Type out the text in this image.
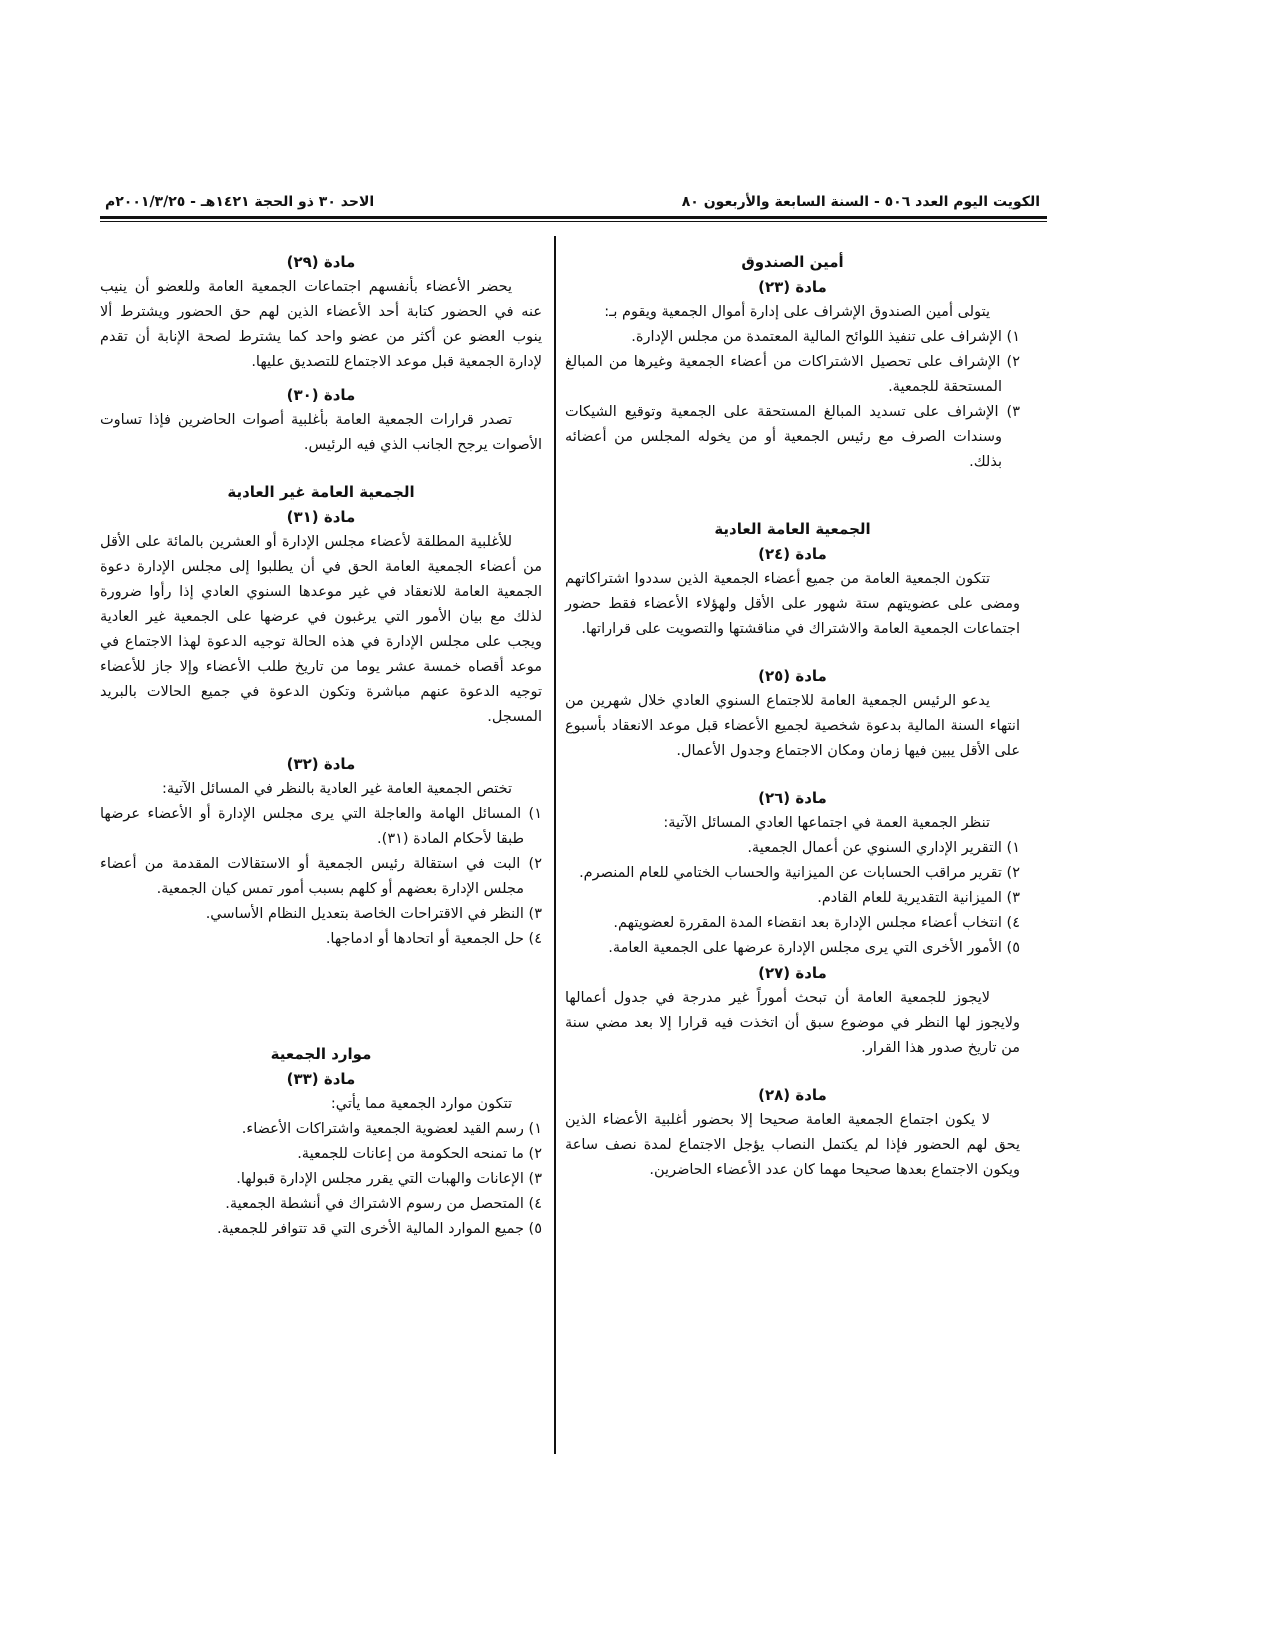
الكويت اليوم العدد ٥٠٦ - السنة السابعة والأربعون ٨٠
الاحد ٣٠ ذو الحجة ١٤٢١هـ - ٢٠٠١/٣/٢٥م

أمين الصندوق

مادة (٢٣)

يتولى أمين الصندوق الإشراف على إدارة أموال الجمعية ويقوم بـ:

١) الإشراف على تنفيذ اللوائح المالية المعتمدة من مجلس الإدارة.

٢) الإشراف على تحصيل الاشتراكات من أعضاء الجمعية وغيرها من المبالغ المستحقة للجمعية.

٣) الإشراف على تسديد المبالغ المستحقة على الجمعية وتوقيع الشيكات وسندات الصرف مع رئيس الجمعية أو من يخوله المجلس من أعضائه بذلك.

الجمعية العامة العادية

مادة (٢٤)

تتكون الجمعية العامة من جميع أعضاء الجمعية الذين سددوا اشتراكاتهم ومضى على عضويتهم ستة شهور على الأقل ولهؤلاء الأعضاء فقط حضور اجتماعات الجمعية العامة والاشتراك في مناقشتها والتصويت على قراراتها.

مادة (٢٥)

يدعو الرئيس الجمعية العامة للاجتماع السنوي العادي خلال شهرين من انتهاء السنة المالية بدعوة شخصية لجميع الأعضاء قبل موعد الانعقاد بأسبوع على الأقل يبين فيها زمان ومكان الاجتماع وجدول الأعمال.

مادة (٢٦)

تنظر الجمعية العمة في اجتماعها العادي المسائل الآتية:

١) التقرير الإداري السنوي عن أعمال الجمعية.

٢) تقرير مراقب الحسابات عن الميزانية والحساب الختامي للعام المنصرم.

٣) الميزانية التقديرية للعام القادم.

٤) انتخاب أعضاء مجلس الإدارة بعد انقضاء المدة المقررة لعضويتهم.

٥) الأمور الأخرى التي يرى مجلس الإدارة عرضها على الجمعية العامة.

مادة (٢٧)

لايجوز للجمعية العامة أن تبحث أموراً غير مدرجة في جدول أعمالها ولايجوز لها النظر في موضوع سبق أن اتخذت فيه قرارا إلا بعد مضي سنة من تاريخ صدور هذا القرار.

مادة (٢٨)

لا يكون اجتماع الجمعية العامة صحيحا إلا بحضور أغلبية الأعضاء الذين يحق لهم الحضور فإذا لم يكتمل النصاب يؤجل الاجتماع لمدة نصف ساعة ويكون الاجتماع بعدها صحيحا مهما كان عدد الأعضاء الحاضرين.

مادة (٢٩)

يحضر الأعضاء بأنفسهم اجتماعات الجمعية العامة وللعضو أن ينيب عنه في الحضور كتابة أحد الأعضاء الذين لهم حق الحضور ويشترط ألا ينوب العضو عن أكثر من عضو واحد كما يشترط لصحة الإنابة أن تقدم لإدارة الجمعية قبل موعد الاجتماع للتصديق عليها.

مادة (٣٠)

تصدر قرارات الجمعية العامة بأغلبية أصوات الحاضرين فإذا تساوت الأصوات يرجح الجانب الذي فيه الرئيس.

الجمعية العامة غير العادية

مادة (٣١)

للأغلبية المطلقة لأعضاء مجلس الإدارة أو العشرين بالمائة على الأقل من أعضاء الجمعية العامة الحق في أن يطلبوا إلى مجلس الإدارة دعوة الجمعية العامة للانعقاد في غير موعدها السنوي العادي إذا رأوا ضرورة لذلك مع بيان الأمور التي يرغبون في عرضها على الجمعية غير العادية ويجب على مجلس الإدارة في هذه الحالة توجيه الدعوة لهذا الاجتماع في موعد أقصاه خمسة عشر يوما من تاريخ طلب الأعضاء وإلا جاز للأعضاء توجيه الدعوة عنهم مباشرة وتكون الدعوة في جميع الحالات بالبريد المسجل.

مادة (٣٢)

تختص الجمعية العامة غير العادية بالنظر في المسائل الآتية:

١) المسائل الهامة والعاجلة التي يرى مجلس الإدارة أو الأعضاء عرضها طبقا لأحكام المادة (٣١).

٢) البت في استقالة رئيس الجمعية أو الاستقالات المقدمة من أعضاء مجلس الإدارة بعضهم أو كلهم بسبب أمور تمس كيان الجمعية.

٣) النظر في الاقتراحات الخاصة بتعديل النظام الأساسي.

٤) حل الجمعية أو اتحادها أو ادماجها.

موارد الجمعية

مادة (٣٣)

تتكون موارد الجمعية مما يأتي:

١) رسم القيد لعضوية الجمعية واشتراكات الأعضاء.

٢) ما تمنحه الحكومة من إعانات للجمعية.

٣) الإعانات والهبات التي يقرر مجلس الإدارة قبولها.

٤) المتحصل من رسوم الاشتراك في أنشطة الجمعية.

٥) جميع الموارد المالية الأخرى التي قد تتوافر للجمعية.
